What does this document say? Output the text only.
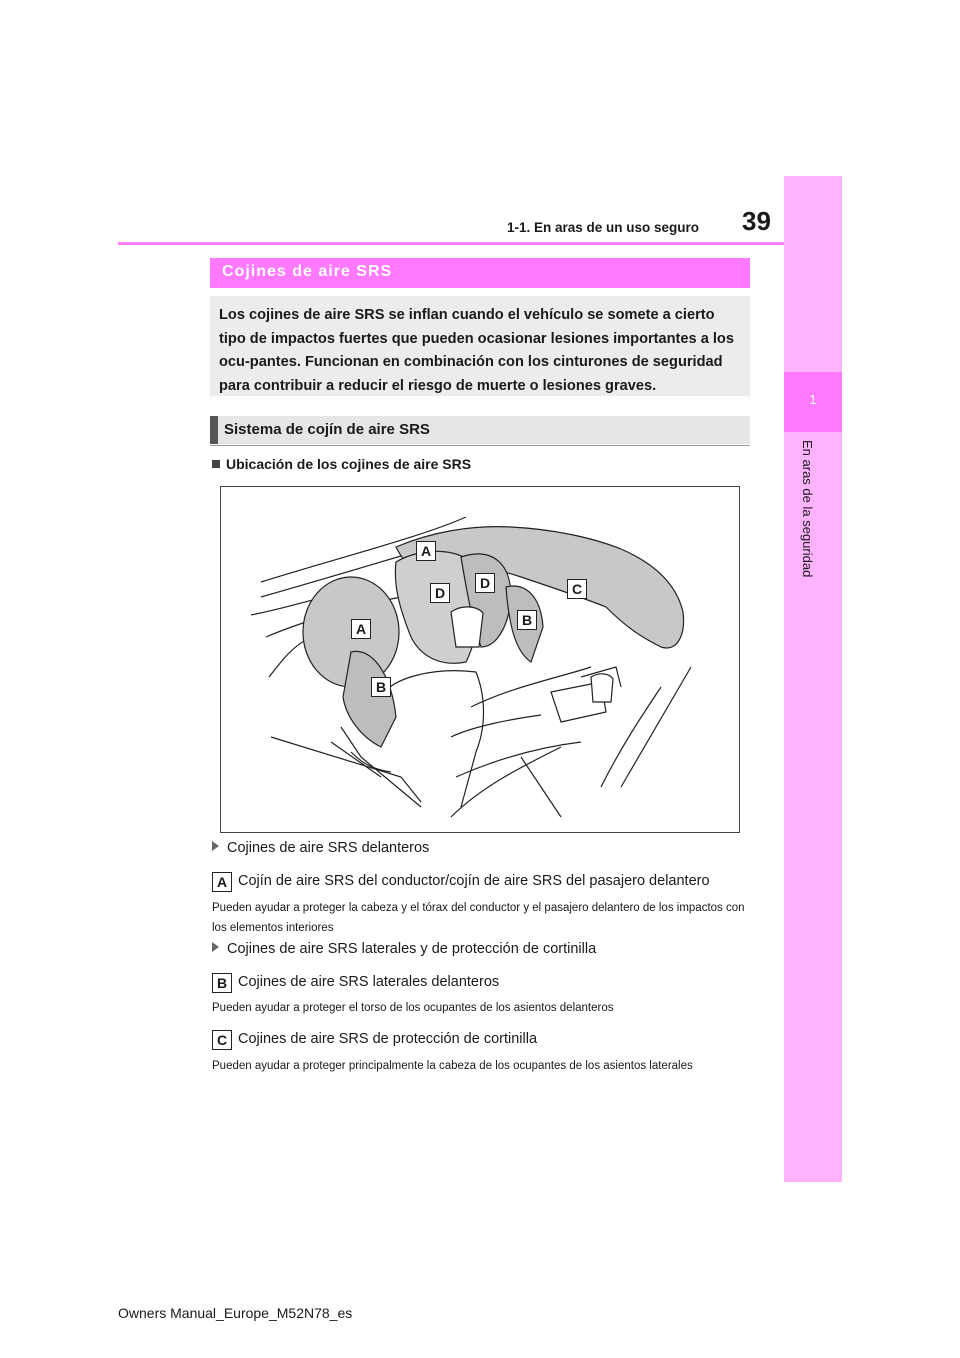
39
1-1. En aras de un uso seguro
1
En aras de la seguridad
Cojines de aire SRS

Los cojines de aire SRS se inflan cuando el vehículo se somete a cierto tipo de impactos fuertes que pueden ocasionar lesiones importantes a los ocu-pantes. Funcionan en combinación con los cinturones de seguridad para contribuir a reducir el riesgo de muerte o lesiones graves.

Sistema de cojín de aire SRS
Ubicación de los cojines de aire SRS
A
D
D	C
A
B
B
Cojines de aire SRS delanteros
A Cojín de aire SRS del conductor/cojín de aire SRS del pasajero delantero
Pueden ayudar a proteger la cabeza y el tórax del conductor y el pasajero delantero de los impactos con los elementos interiores
Cojines de aire SRS laterales y de protección de cortinilla
B Cojines de aire SRS laterales delanteros
Pueden ayudar a proteger el torso de los ocupantes de los asientos delanteros
C Cojines de aire SRS de protección de cortinilla
Pueden ayudar a proteger principalmente la cabeza de los ocupantes de los asientos laterales
Owners Manual_Europe_M52N78_es
